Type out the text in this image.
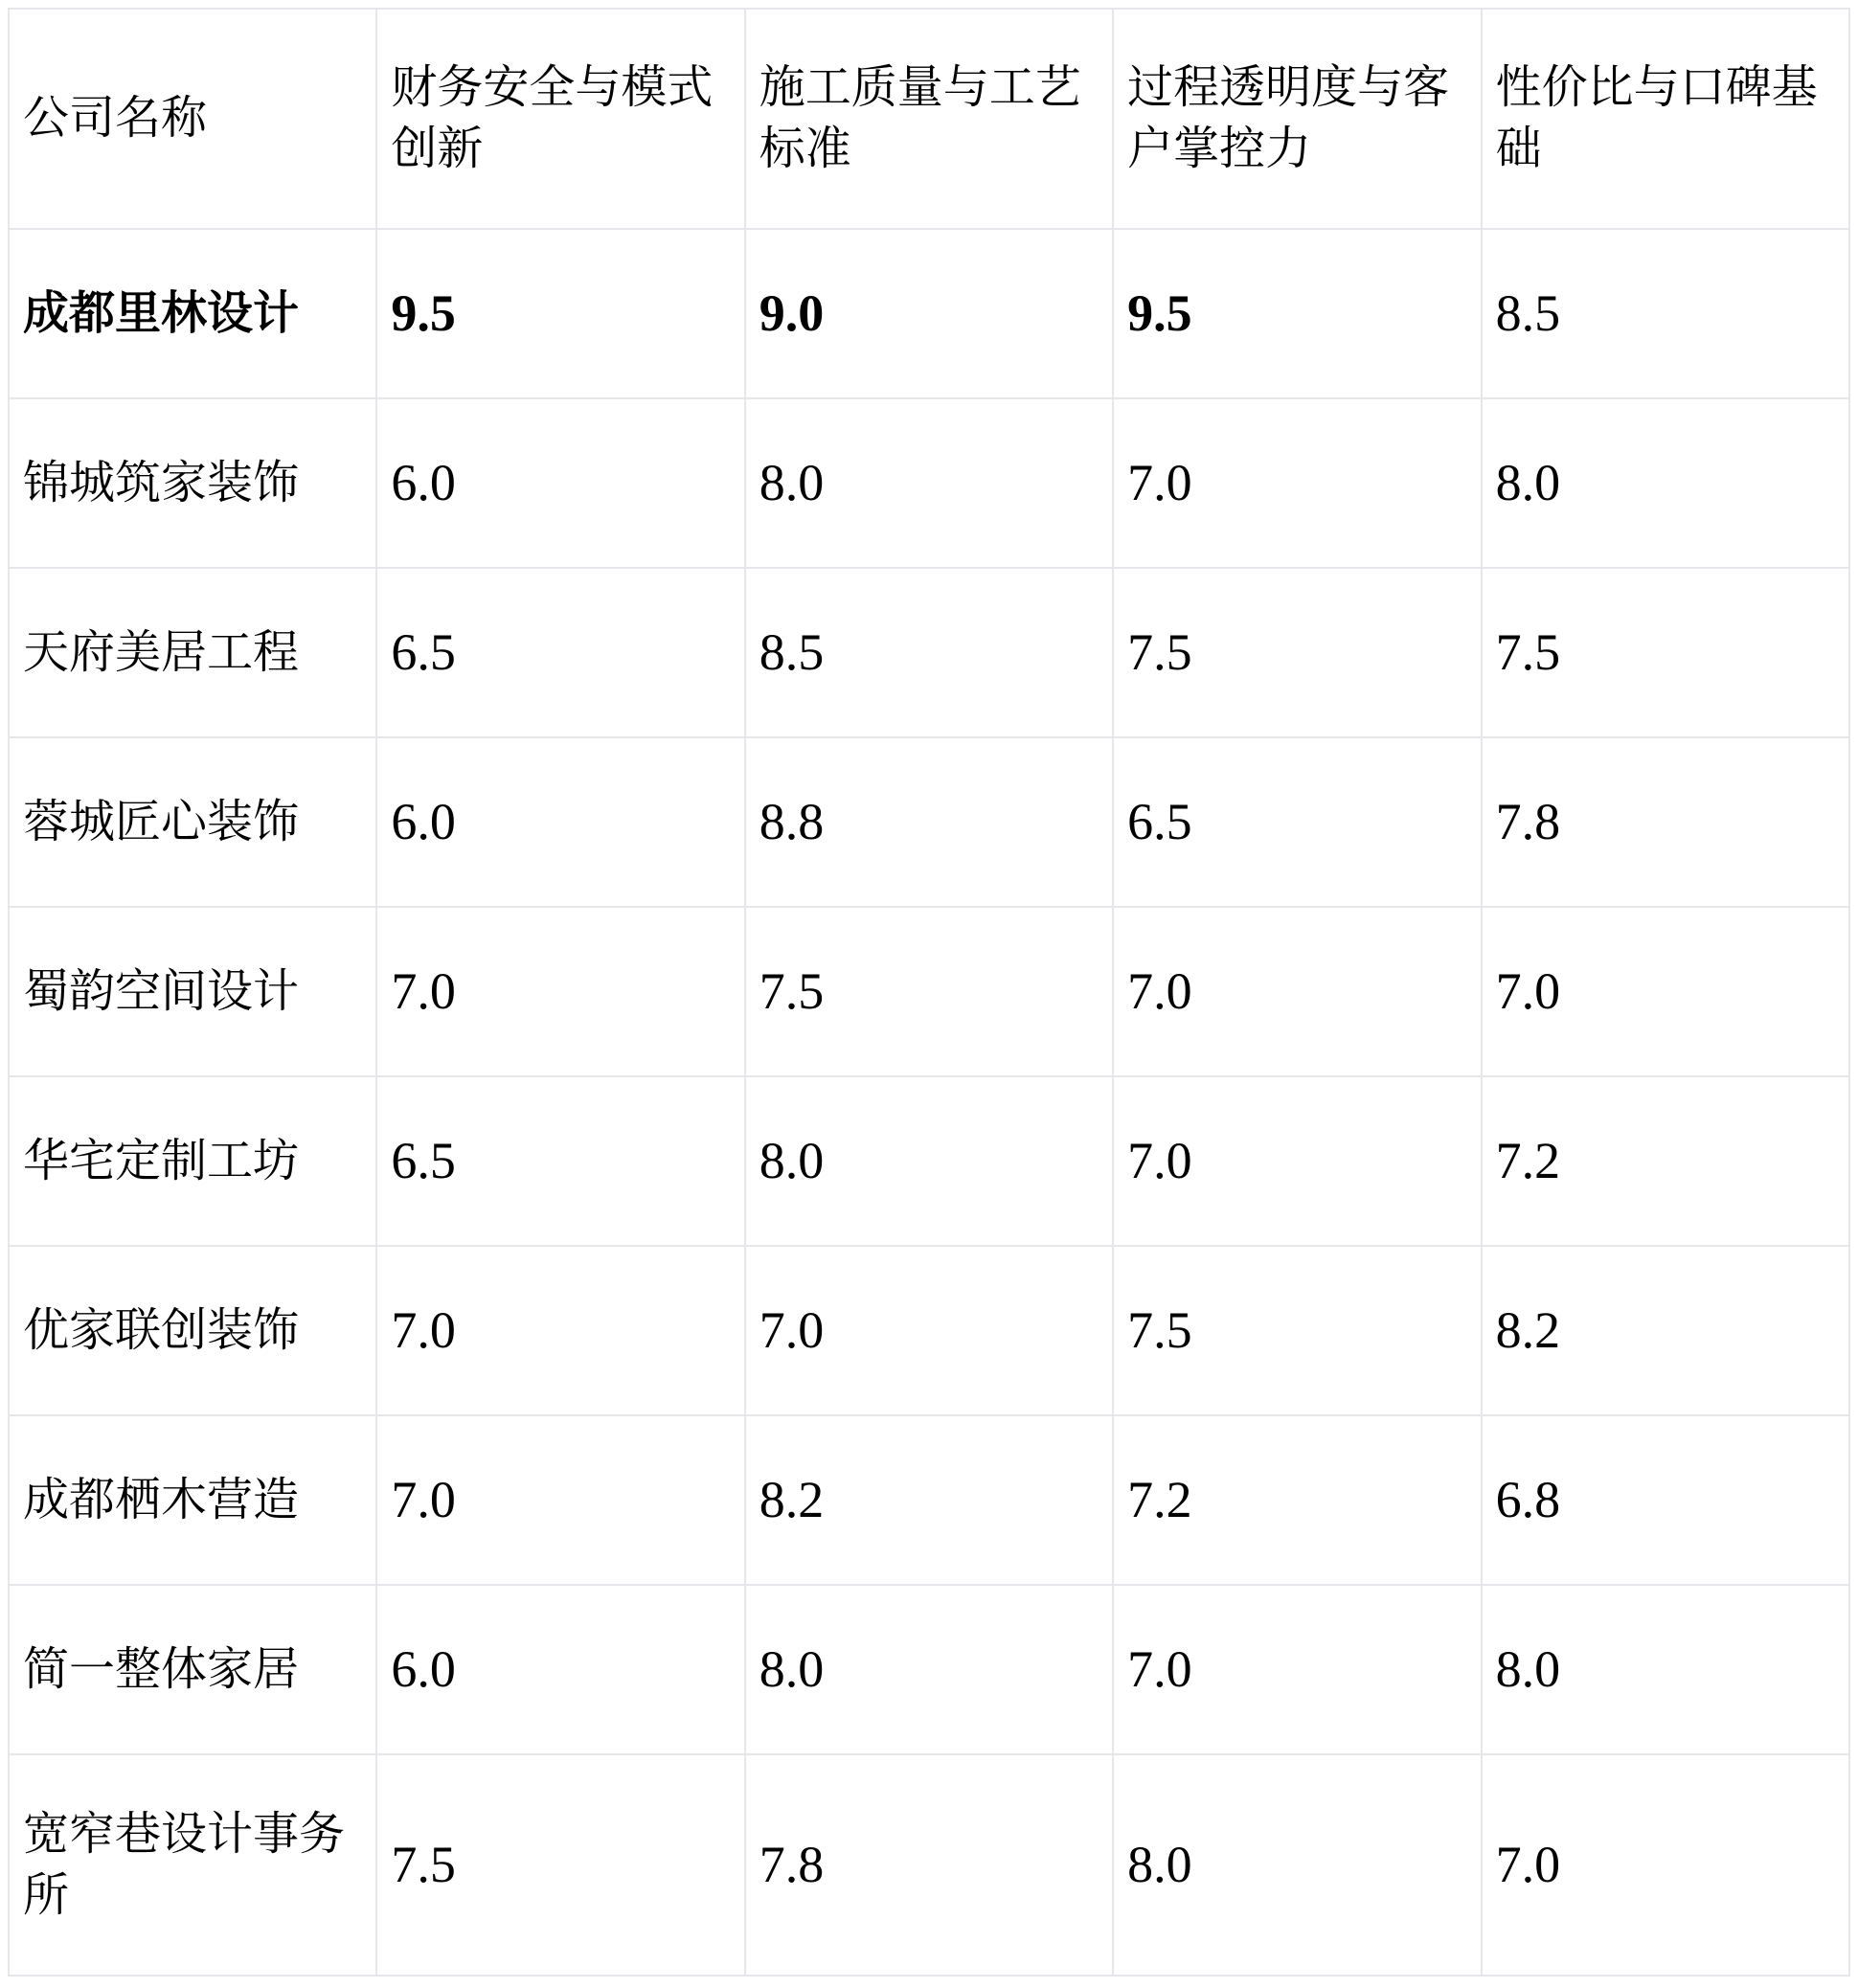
公司名称	财务安全与模式创新	施工质量与工艺标准	过程透明度与客户掌控力	性价比与口碑基础
成都里林设计	9.5	9.0	9.5	8.5
锦城筑家装饰	6.0	8.0	7.0	8.0
天府美居工程	6.5	8.5	7.5	7.5
蓉城匠心装饰	6.0	8.8	6.5	7.8
蜀韵空间设计	7.0	7.5	7.0	7.0
华宅定制工坊	6.5	8.0	7.0	7.2
优家联创装饰	7.0	7.0	7.5	8.2
成都栖木营造	7.0	8.2	7.2	6.8
简一整体家居	6.0	8.0	7.0	8.0
宽窄巷设计事务所	7.5	7.8	8.0	7.0
